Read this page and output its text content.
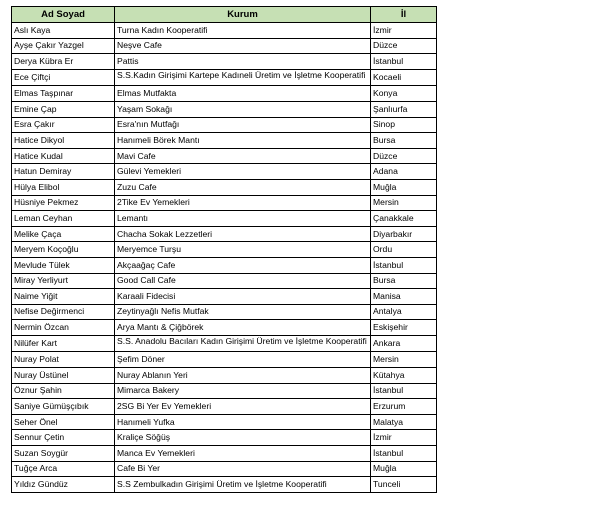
Ad Soyad	Kurum	İl
Aslı Kaya	Turna Kadın Kooperatifi	İzmir
Ayşe Çakır Yazgel	Neşve Cafe	Düzce
Derya Kübra Er	Pattis	İstanbul
Ece Çiftçi	S.S.Kadın Girişimi Kartepe Kadıneli Üretim ve İşletme Kooperatifi	Kocaeli
Elmas Taşpınar	Elmas Mutfakta	Konya
Emine Çap	Yaşam Sokağı	Şanlıurfa
Esra Çakır	Esra'nın Mutfağı	Sinop
Hatice Dikyol	Hanımeli Börek Mantı	Bursa
Hatice Kudal	Mavi Cafe	Düzce
Hatun Demiray	Gülevi Yemekleri	Adana
Hülya Elibol	Zuzu Cafe	Muğla
Hüsniye Pekmez	2Tike Ev Yemekleri	Mersin
Leman Ceyhan	Lemantı	Çanakkale
Melike Çaça	Chacha Sokak Lezzetleri	Diyarbakır
Meryem Koçoğlu	Meryemce Turşu	Ordu
Mevlude Tülek	Akçaağaç Cafe	İstanbul
Miray Yerliyurt	Good Call Cafe	Bursa
Naime Yiğit	Karaali Fidecisi	Manisa
Nefise Değirmenci	Zeytinyağlı Nefis Mutfak	Antalya
Nermin Özcan	Arya Mantı & Çiğbörek	Eskişehir
Nilüfer Kart	S.S. Anadolu Bacıları Kadın Girişimi Üretim ve İşletme Kooperatifi	Ankara
Nuray Polat	Şefim Döner	Mersin
Nuray Üstünel	Nuray Ablanın Yeri	Kütahya
Öznur Şahin	Mimarca Bakery	İstanbul
Saniye Gümüşçıbık	2SG Bi Yer Ev Yemekleri	Erzurum
Seher Önel	Hanımeli Yufka	Malatya
Sennur Çetin	Kraliçe Söğüş	İzmir
Suzan Soygür	Manca Ev Yemekleri	İstanbul
Tuğçe Arca	Cafe Bi Yer	Muğla
Yıldız Gündüz	S.S Zembulkadın Girişimi Üretim ve İşletme Kooperatifi	Tunceli
